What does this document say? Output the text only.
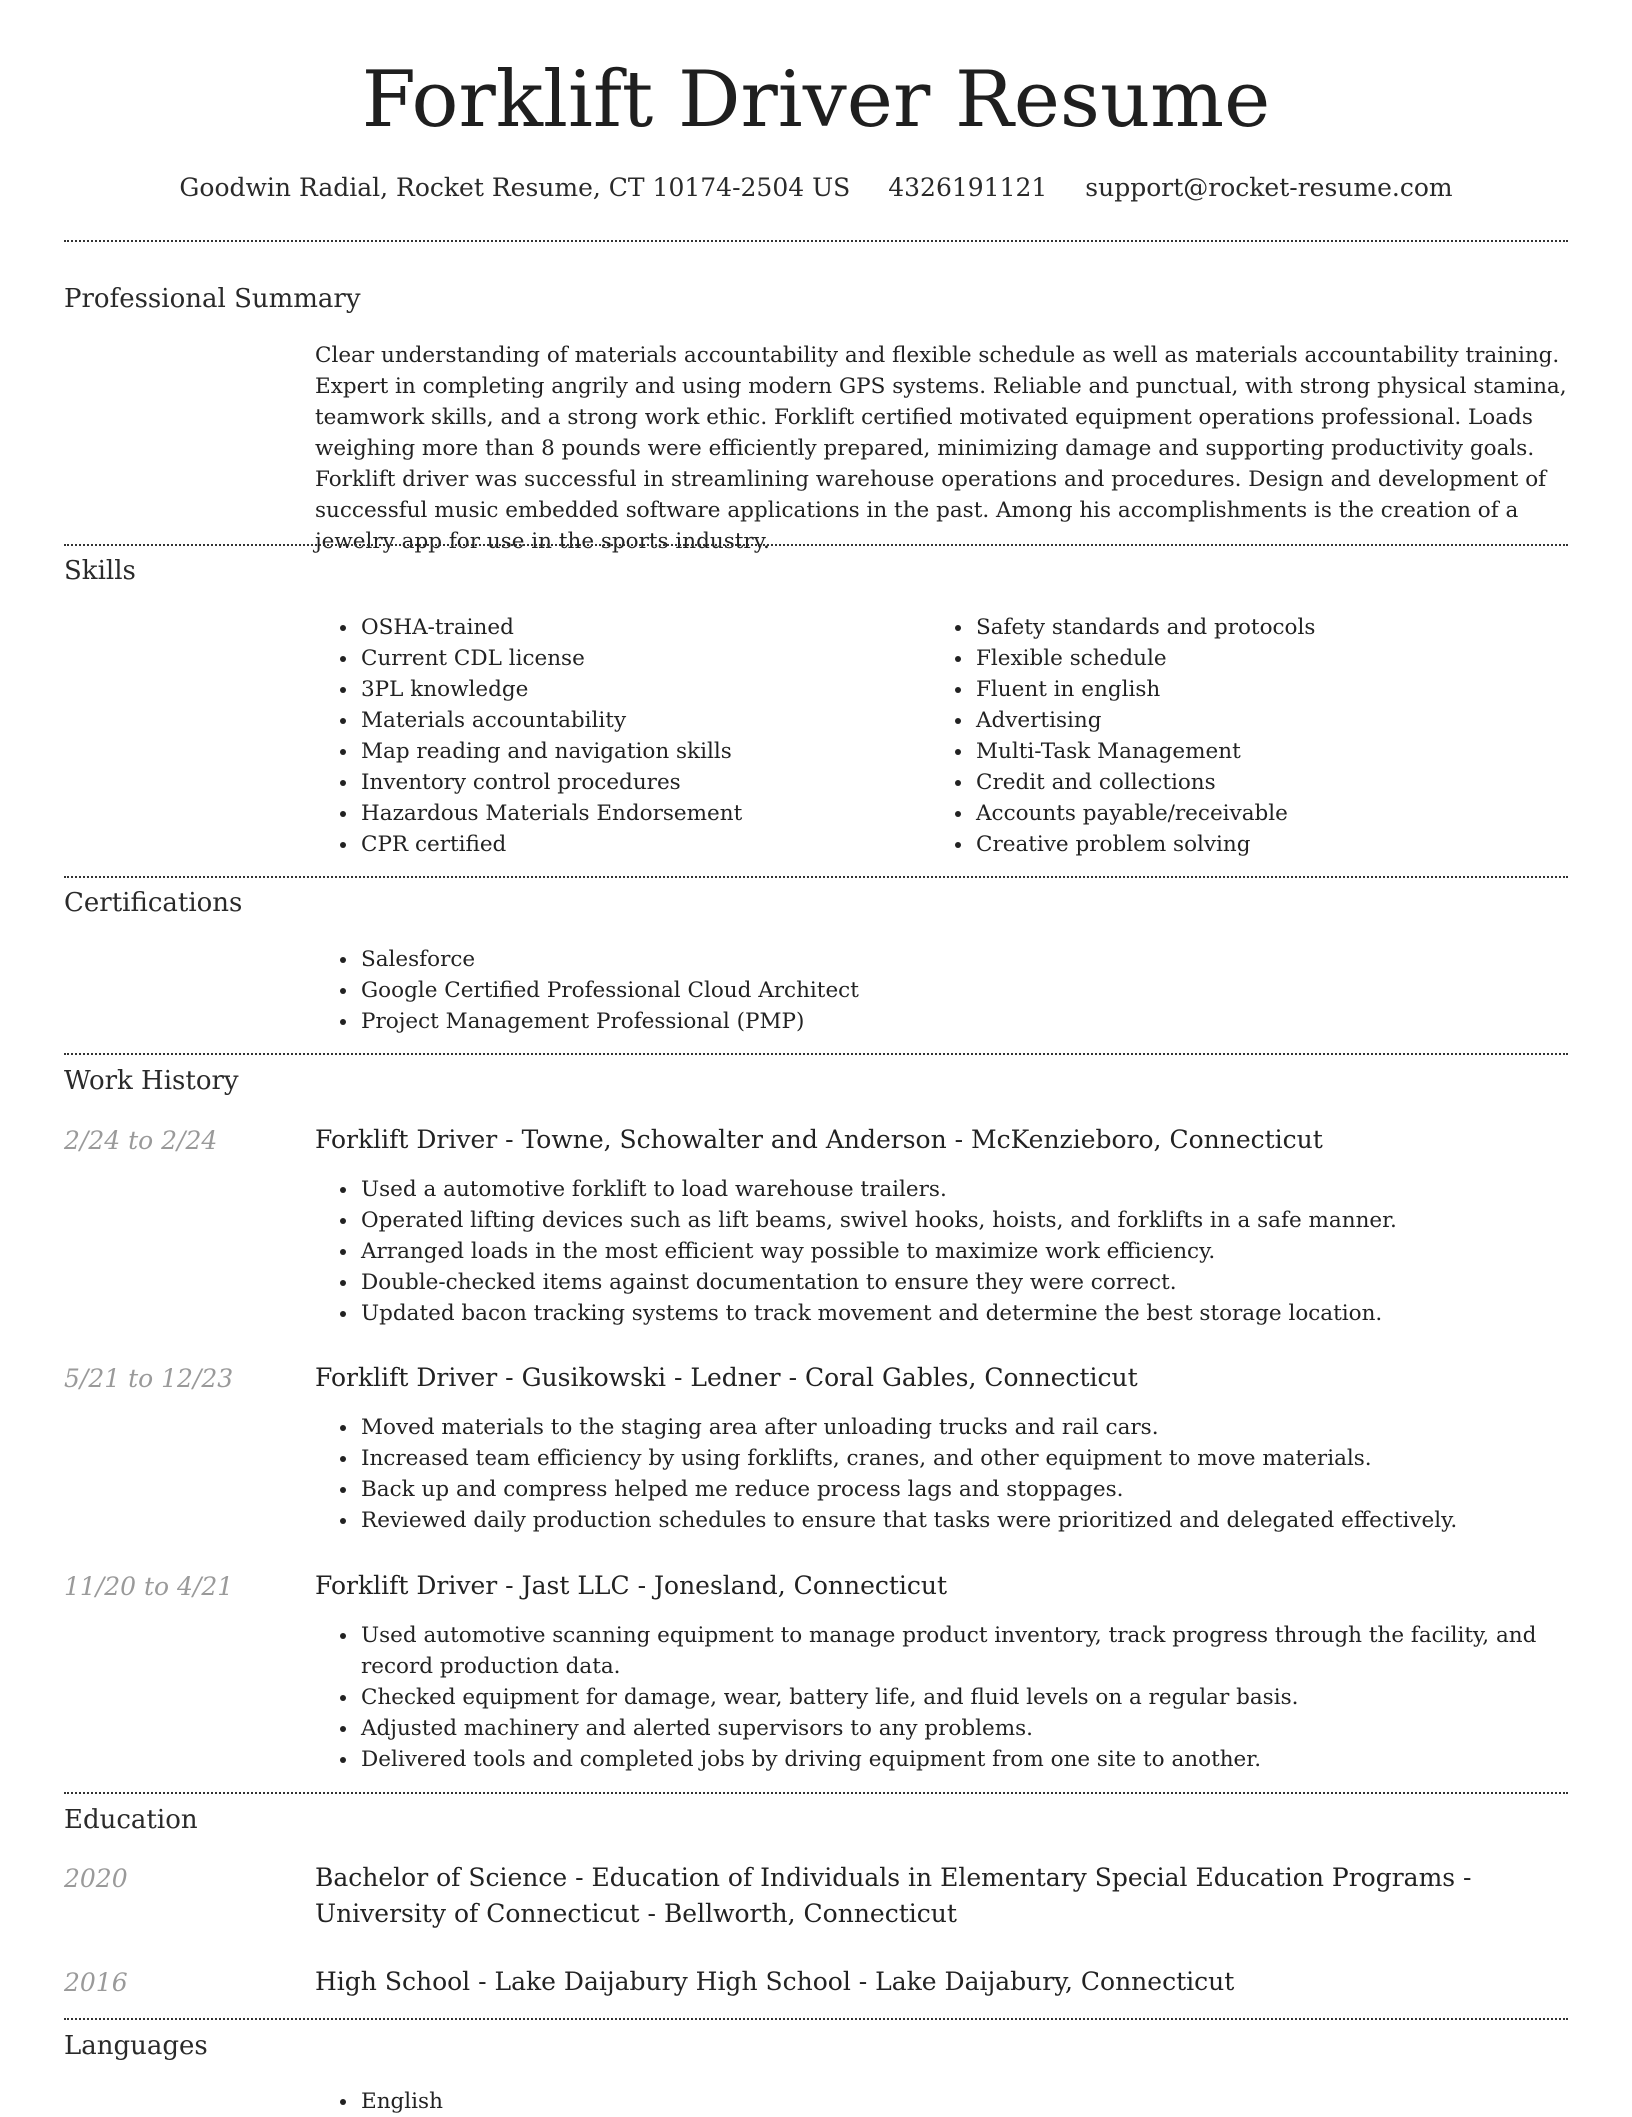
Forklift Driver Resume
Goodwin Radial, Rocket Resume, CT 10174-2504 US 4326191121 support@rocket-resume.com
Professional Summary
Clear understanding of materials accountability and flexible schedule as well as materials accountability training. Expert in completing angrily and using modern GPS systems. Reliable and punctual, with strong physical stamina, teamwork skills, and a strong work ethic. Forklift certified motivated equipment operations professional. Loads weighing more than 8 pounds were efficiently prepared, minimizing damage and supporting productivity goals. Forklift driver was successful in streamlining warehouse operations and procedures. Design and development of successful music embedded software applications in the past. Among his accomplishments is the creation of a jewelry app for use in the sports industry.
Skills
• OSHA-trained
• Current CDL license
• 3PL knowledge
• Materials accountability
• Map reading and navigation skills
• Inventory control procedures
• Hazardous Materials Endorsement
• CPR certified
• Safety standards and protocols
• Flexible schedule
• Fluent in english
• Advertising
• Multi-Task Management
• Credit and collections
• Accounts payable/receivable
• Creative problem solving
Certifications
• Salesforce
• Google Certified Professional Cloud Architect
• Project Management Professional (PMP)
Work History
2/24 to 2/24	Forklift Driver - Towne, Schowalter and Anderson - McKenzieboro, Connecticut
• Used a automotive forklift to load warehouse trailers.
• Operated lifting devices such as lift beams, swivel hooks, hoists, and forklifts in a safe manner.
• Arranged loads in the most efficient way possible to maximize work efficiency.
• Double-checked items against documentation to ensure they were correct.
• Updated bacon tracking systems to track movement and determine the best storage location.
5/21 to 12/23	Forklift Driver - Gusikowski - Ledner - Coral Gables, Connecticut
• Moved materials to the staging area after unloading trucks and rail cars.
• Increased team efficiency by using forklifts, cranes, and other equipment to move materials.
• Back up and compress helped me reduce process lags and stoppages.
• Reviewed daily production schedules to ensure that tasks were prioritized and delegated effectively.
11/20 to 4/21	Forklift Driver - Jast LLC - Jonesland, Connecticut
• Used automotive scanning equipment to manage product inventory, track progress through the facility, and record production data.
• Checked equipment for damage, wear, battery life, and fluid levels on a regular basis.
• Adjusted machinery and alerted supervisors to any problems.
• Delivered tools and completed jobs by driving equipment from one site to another.
Education
2020	Bachelor of Science - Education of Individuals in Elementary Special Education Programs - University of Connecticut - Bellworth, Connecticut
2016	High School - Lake Daijabury High School - Lake Daijabury, Connecticut
Languages
• English
